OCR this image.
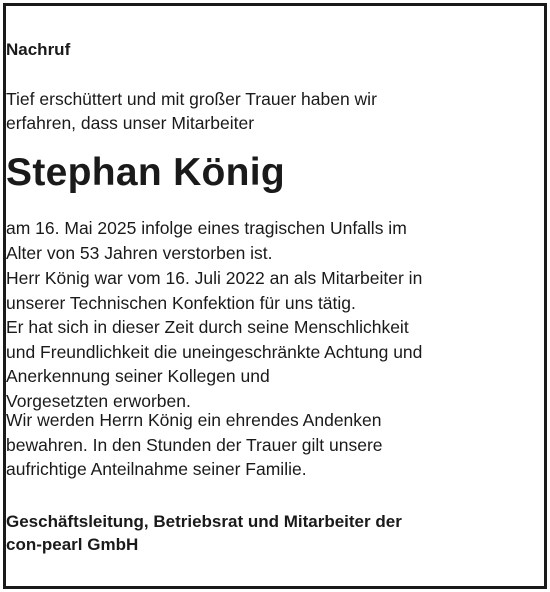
Nachruf
Tief erschüttert und mit großer Trauer haben wir
erfahren, dass unser Mitarbeiter
Stephan König
am 16. Mai 2025 infolge eines tragischen Unfalls im
Alter von 53 Jahren verstorben ist.
Herr König war vom 16. Juli 2022 an als Mitarbeiter in
unserer Technischen Konfektion für uns tätig.
Er hat sich in dieser Zeit durch seine Menschlichkeit
und Freundlichkeit die uneingeschränkte Achtung und
Anerkennung seiner Kollegen und
Vorgesetzten erworben.
Wir werden Herrn König ein ehrendes Andenken
bewahren. In den Stunden der Trauer gilt unsere
aufrichtige Anteilnahme seiner Familie.
Geschäftsleitung, Betriebsrat und Mitarbeiter der
con-pearl GmbH
